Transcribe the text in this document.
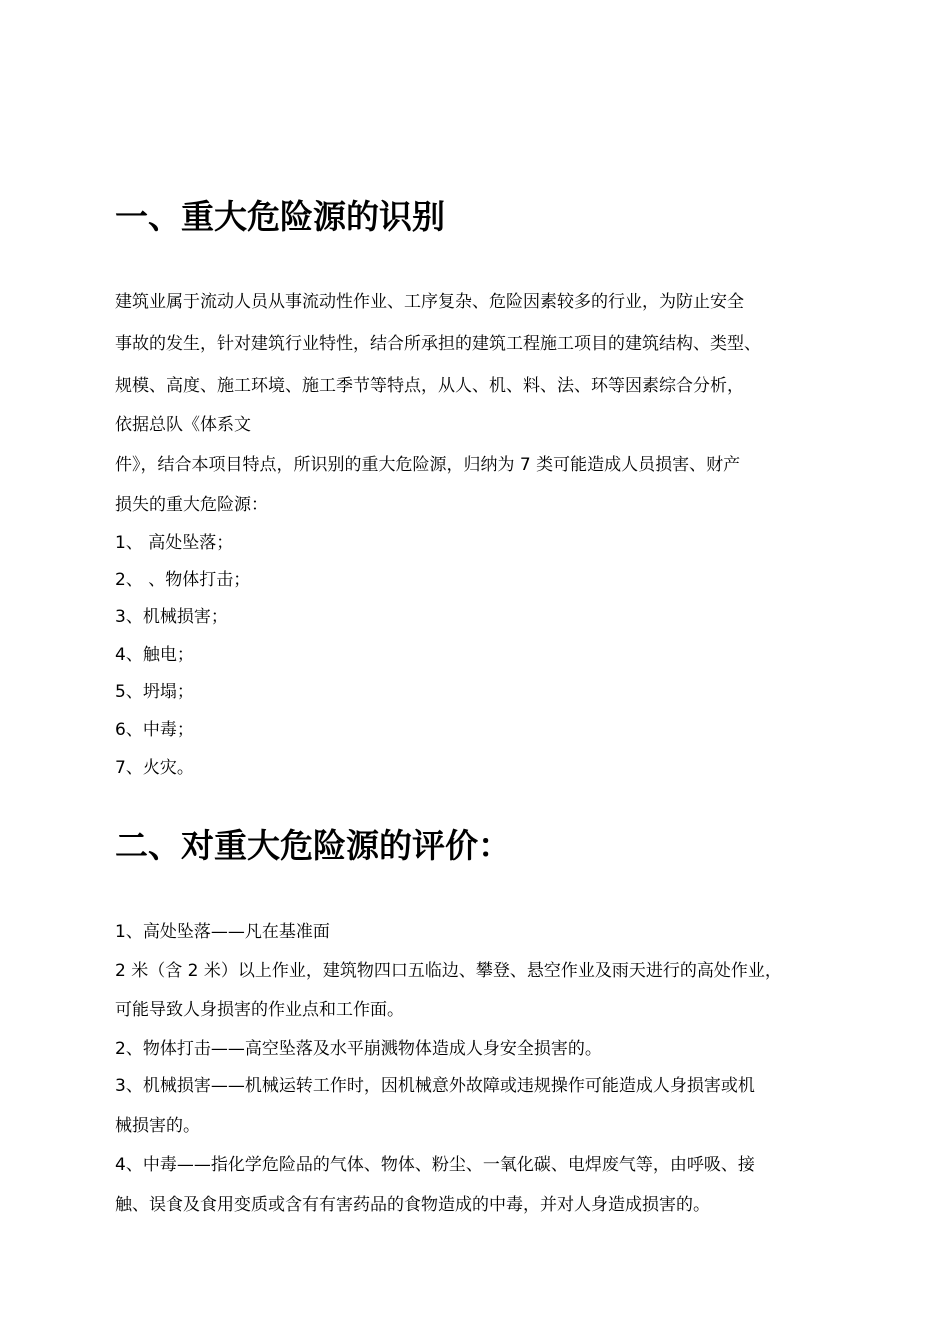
一、重大危险源的识别

建筑业属于流动人员从事流动性作业、工序复杂、危险因素较多的行业，为防止安全

事故的发生，针对建筑行业特性，结合所承担的建筑工程施工项目的建筑结构、类型、

规模、高度、施工环境、施工季节等特点，从人、机、料、法、环等因素综合分析，

依据总队《体系文

件》，结合本项目特点，所识别的重大危险源，归纳为 7 类可能造成人员损害、财产

损失的重大危险源：

1、 高处坠落；

2、 、物体打击；

3、机械损害；

4、触电；

5、坍塌；

6、中毒；

7、火灾。

二、对重大危险源的评价：

1、高处坠落——凡在基准面

2 米（含 2 米）以上作业，建筑物四口五临边、攀登、悬空作业及雨天进行的高处作业，

可能导致人身损害的作业点和工作面。

2、物体打击——高空坠落及水平崩溅物体造成人身安全损害的。

3、机械损害——机械运转工作时，因机械意外故障或违规操作可能造成人身损害或机

械损害的。

4、中毒——指化学危险品的气体、物体、粉尘、一氧化碳、电焊废气等，由呼吸、接

触、误食及食用变质或含有有害药品的食物造成的中毒，并对人身造成损害的。
